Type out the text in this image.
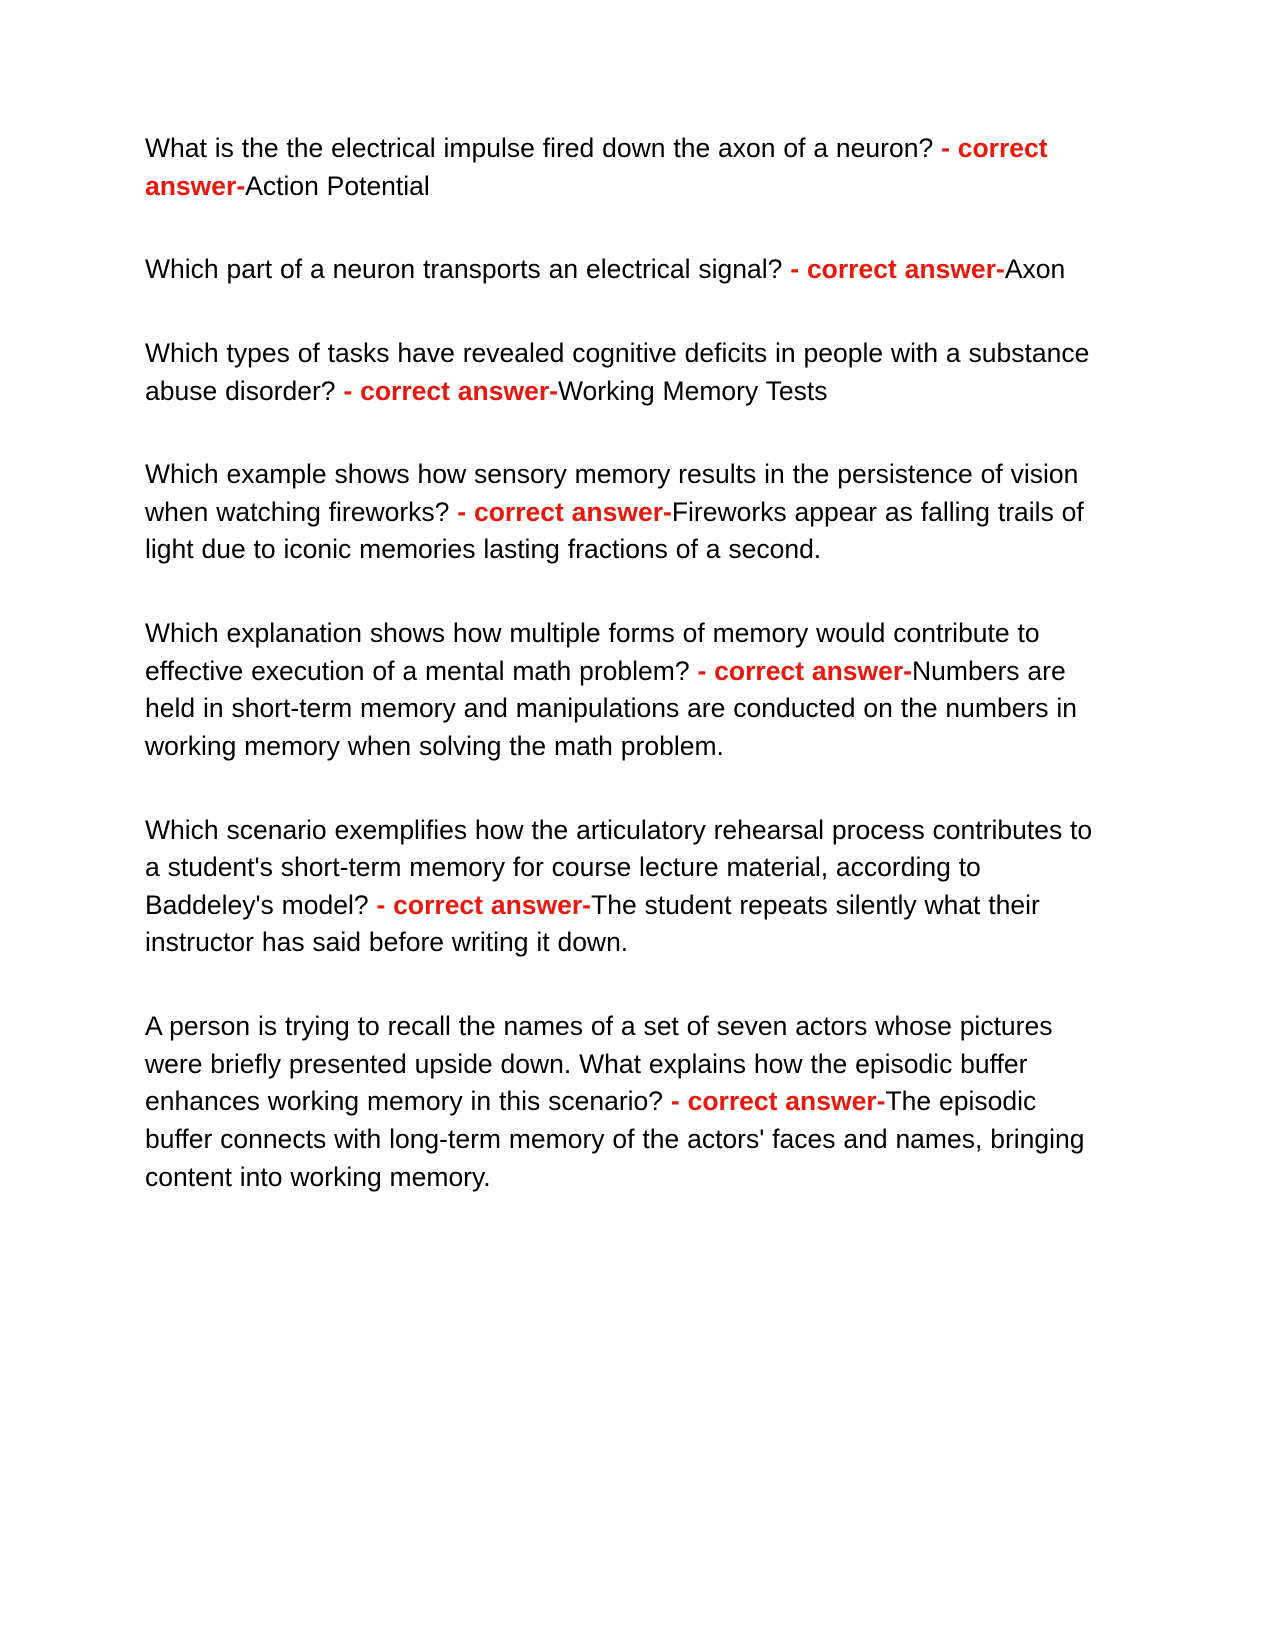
What is the the electrical impulse fired down the axon of a neuron? - correct answer-Action Potential

Which part of a neuron transports an electrical signal? - correct answer-Axon

Which types of tasks have revealed cognitive deficits in people with a substance abuse disorder? - correct answer-Working Memory Tests

Which example shows how sensory memory results in the persistence of vision when watching fireworks? - correct answer-Fireworks appear as falling trails of light due to iconic memories lasting fractions of a second.

Which explanation shows how multiple forms of memory would contribute to effective execution of a mental math problem? - correct answer-Numbers are held in short-term memory and manipulations are conducted on the numbers in working memory when solving the math problem.

Which scenario exemplifies how the articulatory rehearsal process contributes to a student's short-term memory for course lecture material, according to Baddeley's model? - correct answer-The student repeats silently what their instructor has said before writing it down.

A person is trying to recall the names of a set of seven actors whose pictures were briefly presented upside down. What explains how the episodic buffer enhances working memory in this scenario? - correct answer-The episodic buffer connects with long-term memory of the actors' faces and names, bringing content into working memory.
